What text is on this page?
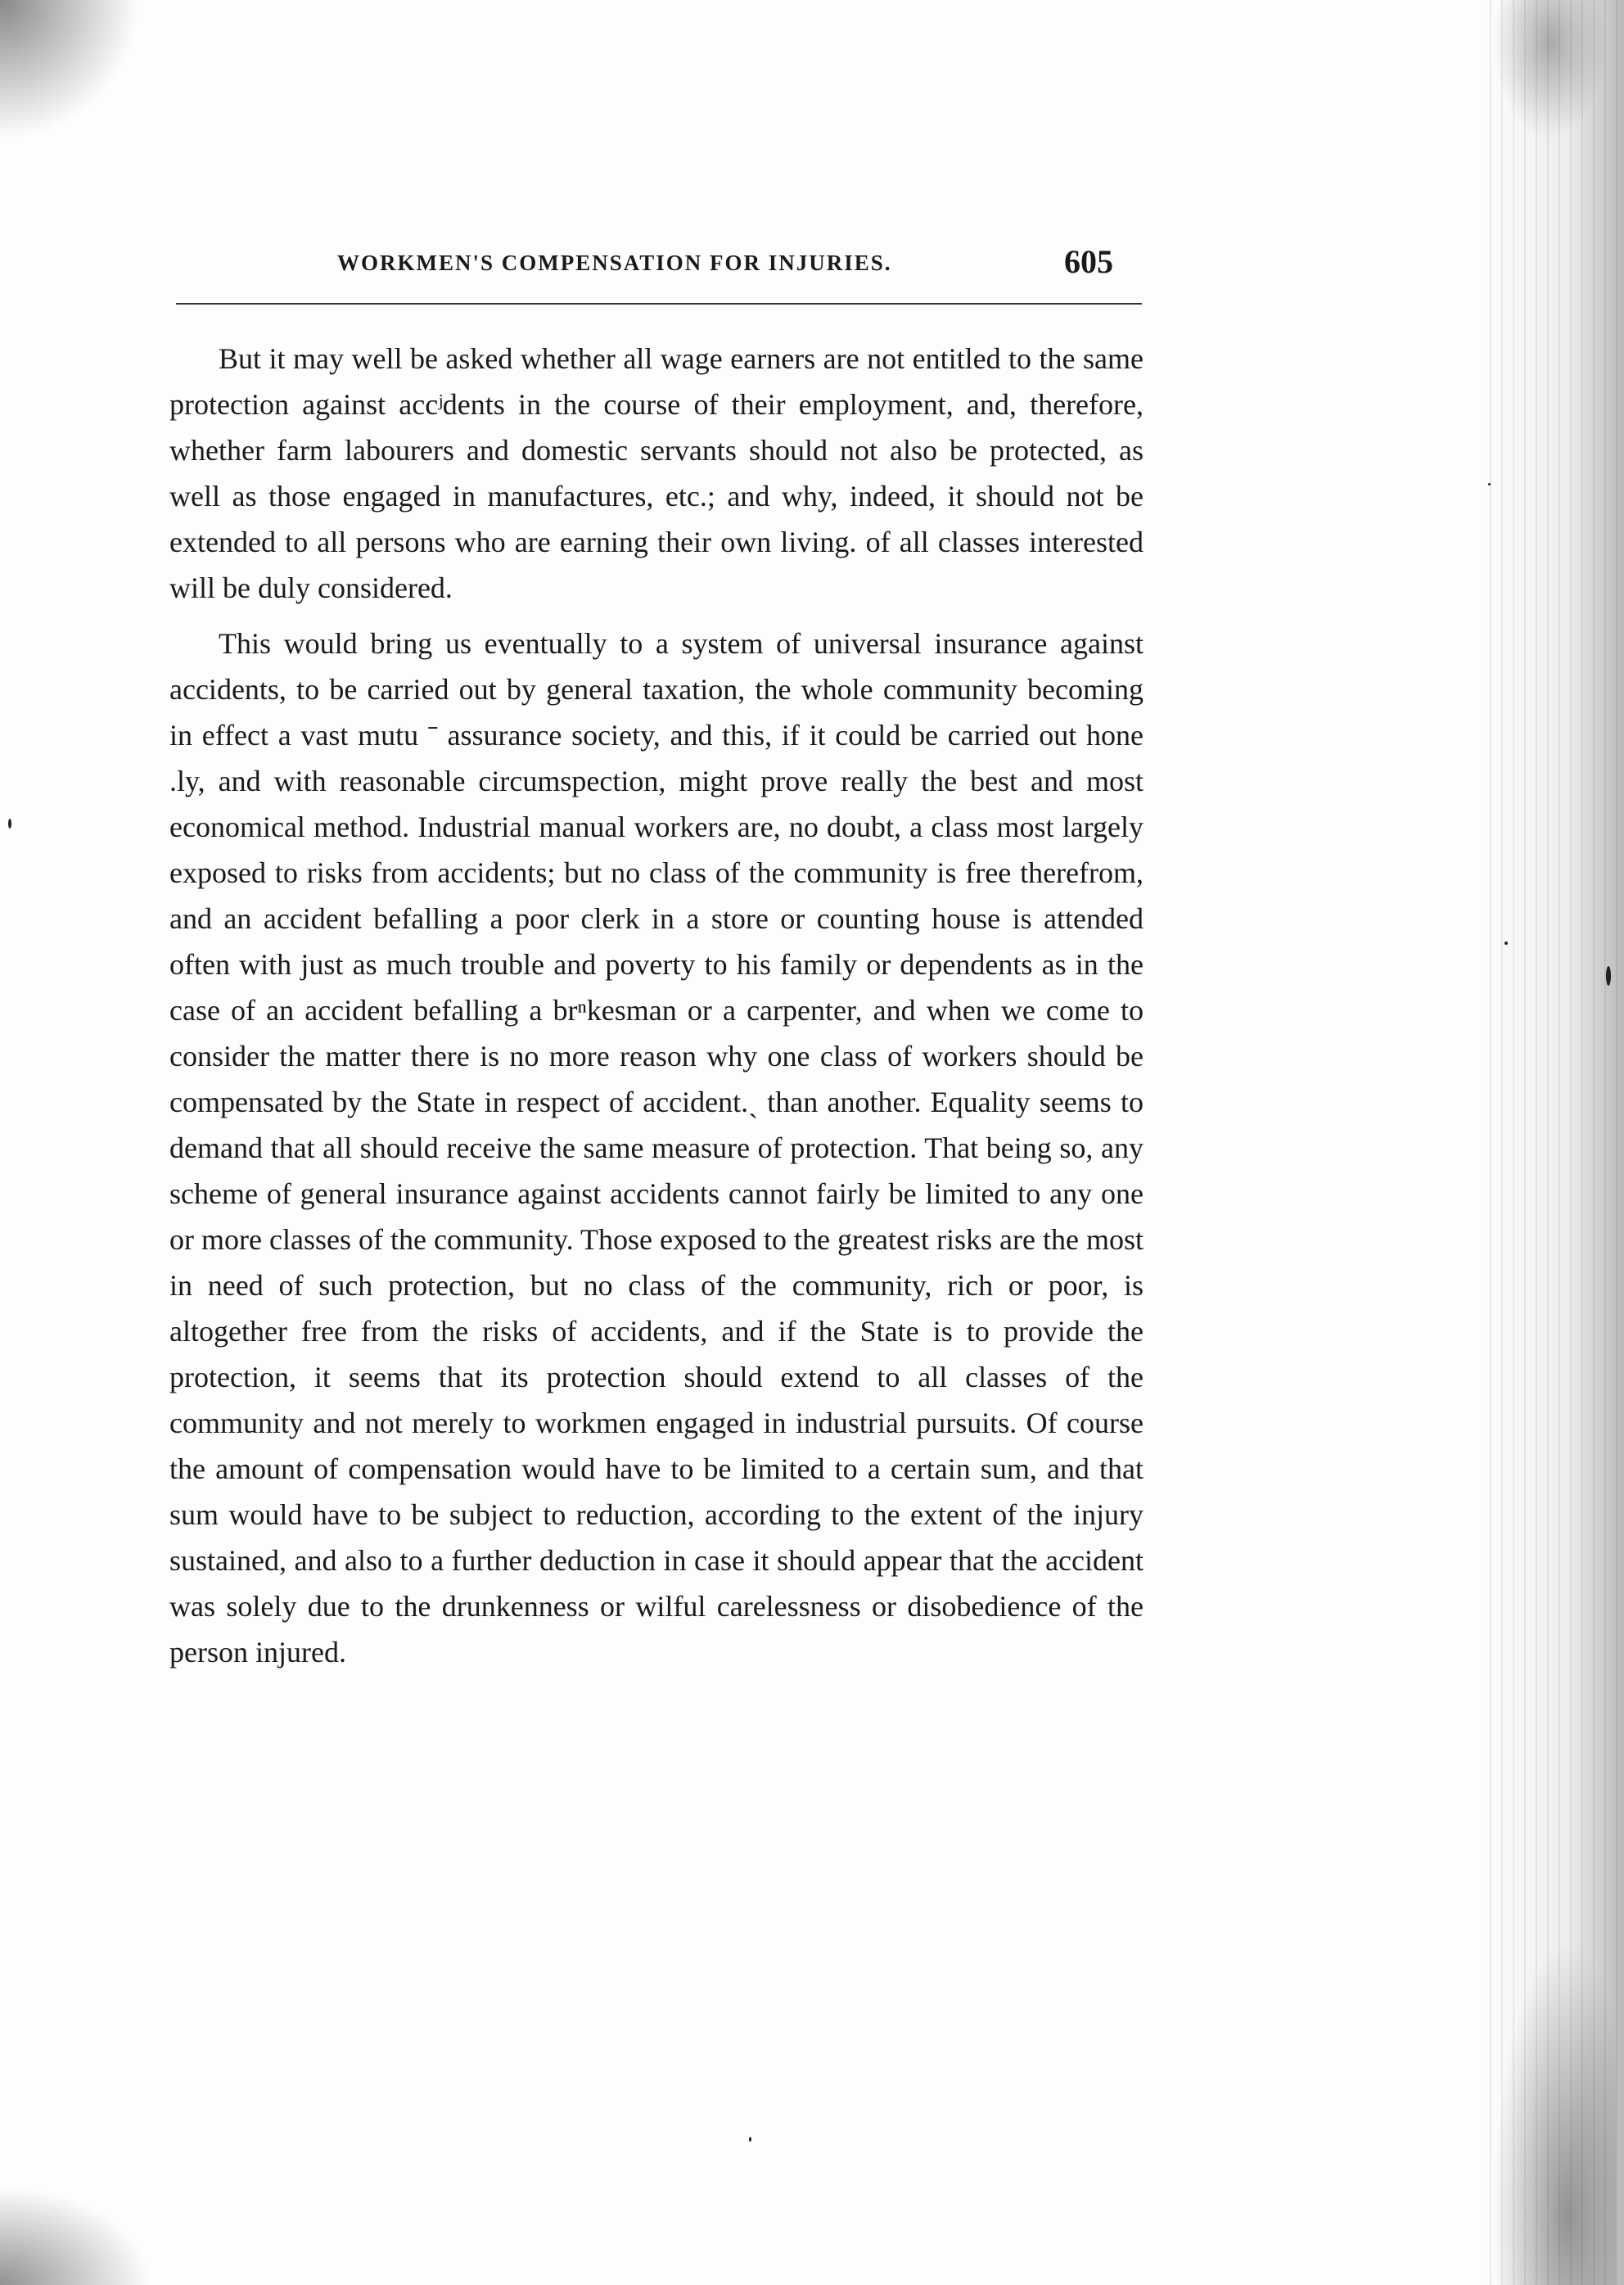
WORKMEN'S COMPENSATION FOR INJURIES.	605

But it may well be asked whether all wage earners are not entitled to the same protection against accʲdents in the course of their employment, and, therefore, whether farm labourers and domestic servants should not also be protected, as well as those engaged in manufactures, etc.; and why, indeed, it should not be extended to all persons who are earning their own living. of all classes interested will be duly considered.

This would bring us eventually to a system of universal insurance against accidents, to be carried out by general taxation, the whole community becoming in effect a vast mutu ˉ assurance society, and this, if it could be carried out hone .ly, and with reasonable circumspection, might prove really the best and most economical method. Industrial manual workers are, no doubt, a class most largely exposed to risks from accidents; but no class of the community is free therefrom, and an accident befalling a poor clerk in a store or counting house is attended often with just as much trouble and poverty to his family or dependents as in the case of an accident befalling a brⁿkesman or a carpenter, and when we come to consider the matter there is no more reason why one class of workers should be compensated by the State in respect of accident.ˏ than another. Equality seems to demand that all should receive the same measure of protection. That being so, any scheme of general insurance against accidents cannot fairly be limited to any one or more classes of the community. Those exposed to the greatest risks are the most in need of such protection, but no class of the community, rich or poor, is altogether free from the risks of accidents, and if the State is to provide the protection, it seems that its protection should extend to all classes of the community and not merely to workmen engaged in industrial pursuits. Of course the amount of compensation would have to be limited to a certain sum, and that sum would have to be subject to reduction, according to the extent of the injury sustained, and also to a further deduction in case it should appear that the accident was solely due to the drunkenness or wilful carelessness or disobedience of the person injured.
